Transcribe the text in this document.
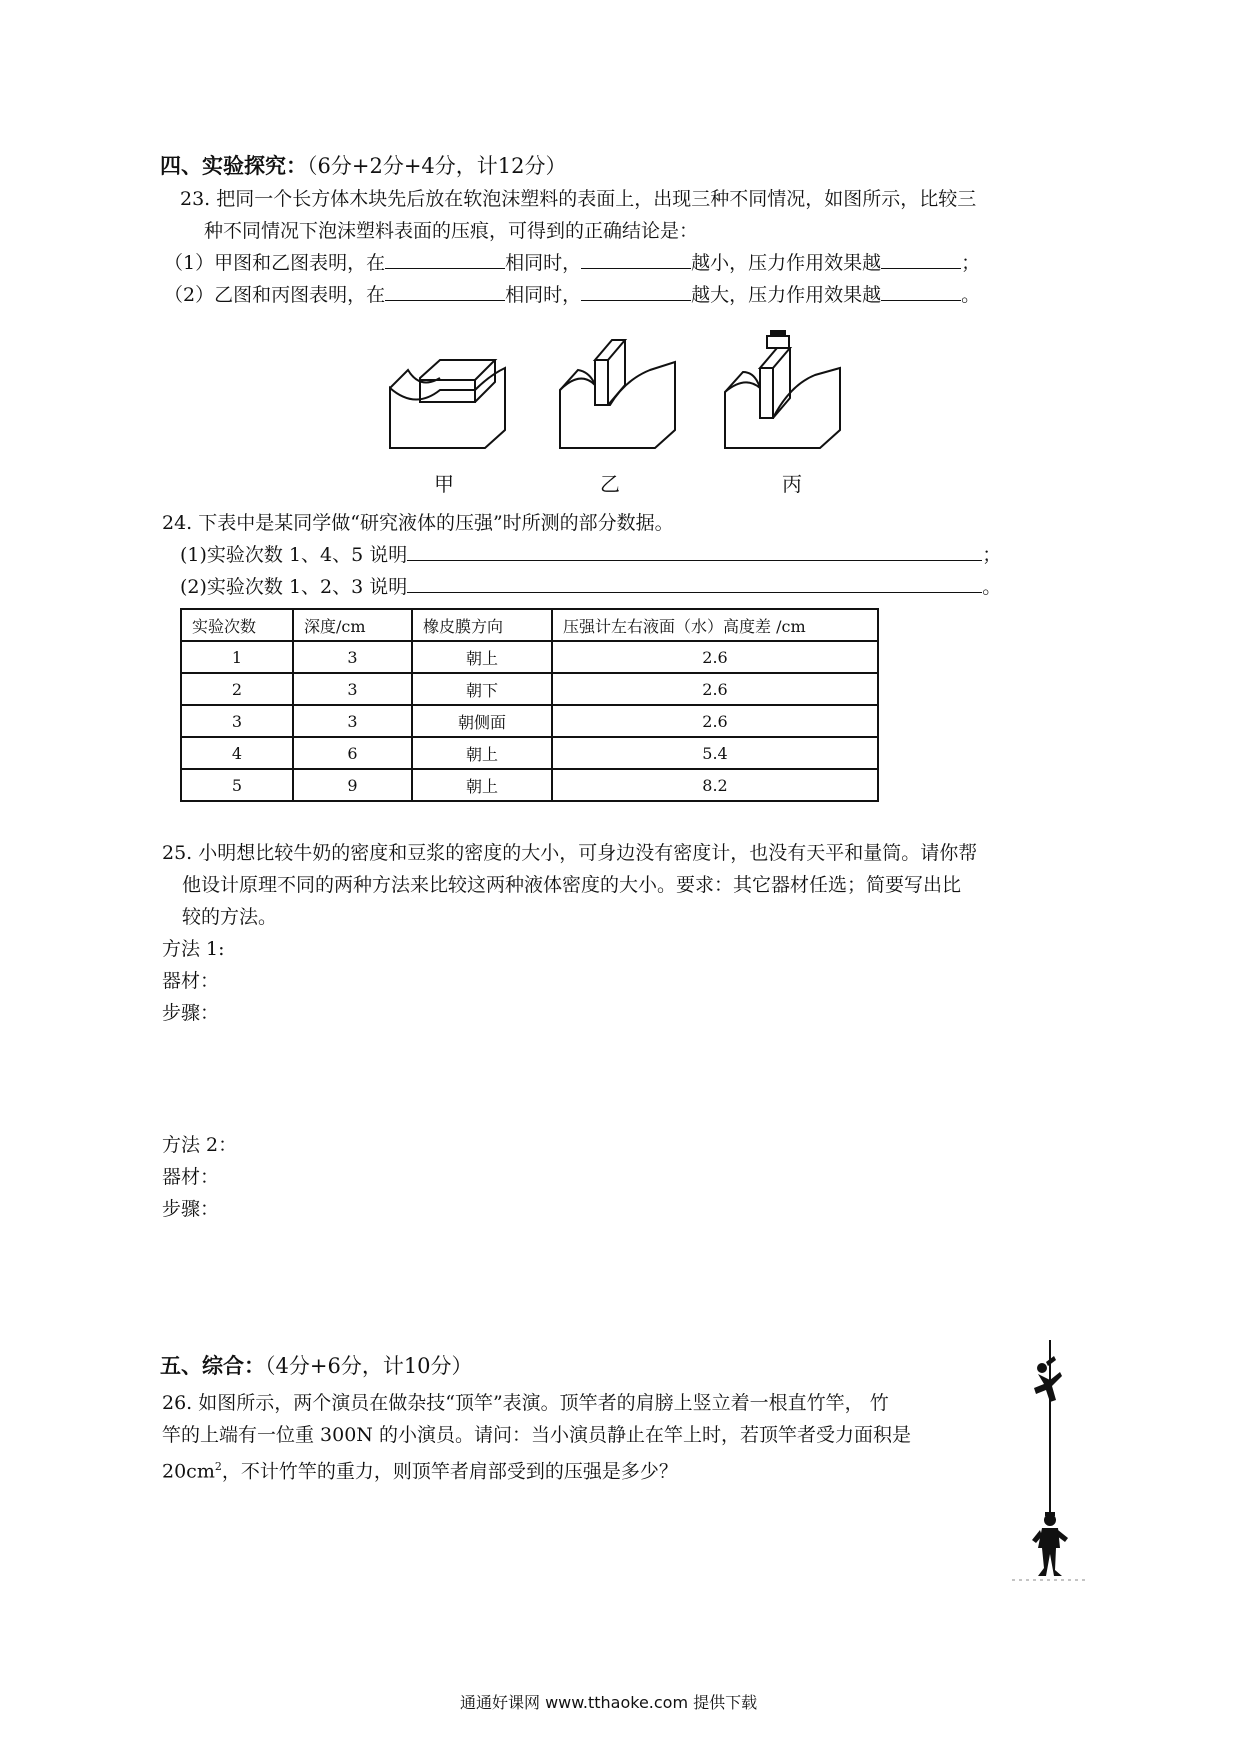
四、实验探究：（6分+2分+4分，计12分）
23. 把同一个长方体木块先后放在软泡沫塑料的表面上，出现三种不同情况，如图所示，比较三
种不同情况下泡沫塑料表面的压痕，可得到的正确结论是：
（1）甲图和乙图表明，在	相同时，	越小，压力作用效果越	；
（2）乙图和丙图表明，在	相同时，	越大，压力作用效果越	。
甲	乙	丙
24. 下表中是某同学做“研究液体的压强”时所测的部分数据。
(1)实验次数 1、4、5 说明	；
(2)实验次数 1、2、3 说明	。
实验次数	深度/cm	橡皮膜方向	压强计左右液面（水）高度差 /cm
1	3	朝上	2.6
2	3	朝下	2.6
3	3	朝侧面	2.6
4	6	朝上	5.4
5	9	朝上	8.2
25. 小明想比较牛奶的密度和豆浆的密度的大小，可身边没有密度计，也没有天平和量筒。请你帮
他设计原理不同的两种方法来比较这两种液体密度的大小。要求：其它器材任选；简要写出比
较的方法。
方法 1:
器材：
步骤：
方法 2：
器材：
步骤：
五、综合：（4分+6分，计10分）
26. 如图所示，两个演员在做杂技“顶竿”表演。顶竿者的肩膀上竖立着一根直竹竿， 竹
竿的上端有一位重 300N 的小演员。请问：当小演员静止在竿上时，若顶竿者受力面积是
$20cm^2$，不计竹竿的重力，则顶竿者肩部受到的压强是多少？
通通好课网 www.tthaoke.com 提供下载
